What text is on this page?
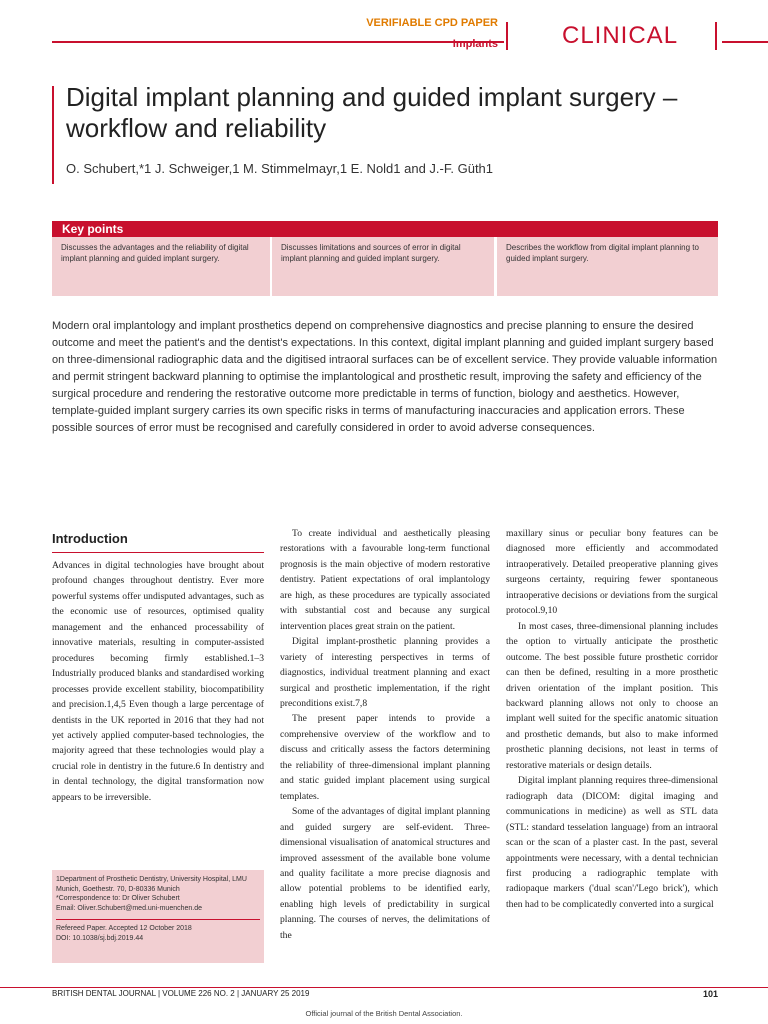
VERIFIABLE CPD PAPER
Implants	CLINICAL
Digital implant planning and guided implant surgery – workflow and reliability
O. Schubert,*1 J. Schweiger,1 M. Stimmelmayr,1 E. Nold1 and J.-F. Güth1
Key points
Discusses the advantages and the reliability of digital implant planning and guided implant surgery.
Discusses limitations and sources of error in digital implant planning and guided implant surgery.
Describes the workflow from digital implant planning to guided implant surgery.
Modern oral implantology and implant prosthetics depend on comprehensive diagnostics and precise planning to ensure the desired outcome and meet the patient's and the dentist's expectations. In this context, digital implant planning and guided implant surgery based on three-dimensional radiographic data and the digitised intraoral surfaces can be of excellent service. They provide valuable information and permit stringent backward planning to optimise the implantological and prosthetic result, improving the safety and efficiency of the surgical procedure and rendering the restorative outcome more predictable in terms of function, biology and aesthetics. However, template-guided implant surgery carries its own specific risks in terms of manufacturing inaccuracies and application errors. These possible sources of error must be recognised and carefully considered in order to avoid adverse consequences.
Introduction

Advances in digital technologies have brought about profound changes throughout dentistry. Ever more powerful systems offer undisputed advantages, such as the economic use of resources, optimised quality management and the enhanced processability of innovative materials, resulting in computer-assisted procedures becoming firmly established.1–3 Industrially produced blanks and standardised working processes provide excellent stability, biocompatibility and precision.1,4,5 Even though a large percentage of dentists in the UK reported in 2016 that they had not yet actively applied computer-based technologies, the majority agreed that these technologies would play a crucial role in dentistry in the future.6 In dentistry and in dental technology, the digital transformation now appears to be irreversible.

To create individual and aesthetically pleasing restorations with a favourable long-term functional prognosis is the main objective of modern restorative dentistry. Patient expectations of oral implantology are high, as these procedures are typically associated with substantial cost and because any surgical intervention places great strain on the patient.

Digital implant-prosthetic planning provides a variety of interesting perspectives in terms of diagnostics, individual treatment planning and exact surgical and prosthetic implementation, if the right preconditions exist.7,8

The present paper intends to provide a comprehensive overview of the workflow and to discuss and critically assess the factors determining the reliability of three-dimensional implant planning and static guided implant placement using surgical templates.

Some of the advantages of digital implant planning and guided surgery are self-evident. Three-dimensional visualisation of anatomical structures and improved assessment of the available bone volume and quality facilitate a more precise diagnosis and allow potential problems to be identified early, enabling high levels of predictability in surgical planning. The courses of nerves, the delimitations of the

maxillary sinus or peculiar bony features can be diagnosed more efficiently and accommodated intraoperatively. Detailed preoperative planning gives surgeons certainty, requiring fewer spontaneous intraoperative decisions or deviations from the surgical protocol.9,10

In most cases, three-dimensional planning includes the option to virtually anticipate the prosthetic outcome. The best possible future prosthetic corridor can then be defined, resulting in a more prosthetic driven orientation of the implant position. This backward planning allows not only to choose an implant well suited for the specific anatomic situation and prosthetic demands, but also to make informed prosthetic planning decisions, not least in terms of restorative materials or design details.

Digital implant planning requires three-dimensional radiograph data (DICOM: digital imaging and communications in medicine) as well as STL data (STL: standard tesselation language) from an intraoral scan or the scan of a plaster cast. In the past, several appointments were necessary, with a dental technician first producing a radiographic template with radiopaque markers ('dual scan'/'Lego brick'), which then had to be complicatedly converted into a surgical

1Department of Prosthetic Dentistry, University Hospital, LMU Munich, Goethestr. 70, D-80336 Munich
*Correspondence to: Dr Oliver Schubert
Email: Oliver.Schubert@med.uni-muenchen.de
Refereed Paper. Accepted 12 October 2018
DOI: 10.1038/sj.bdj.2019.44
BRITISH DENTAL JOURNAL | VOLUME 226 NO. 2 | JANUARY 25 2019	101
Official journal of the British Dental Association.
